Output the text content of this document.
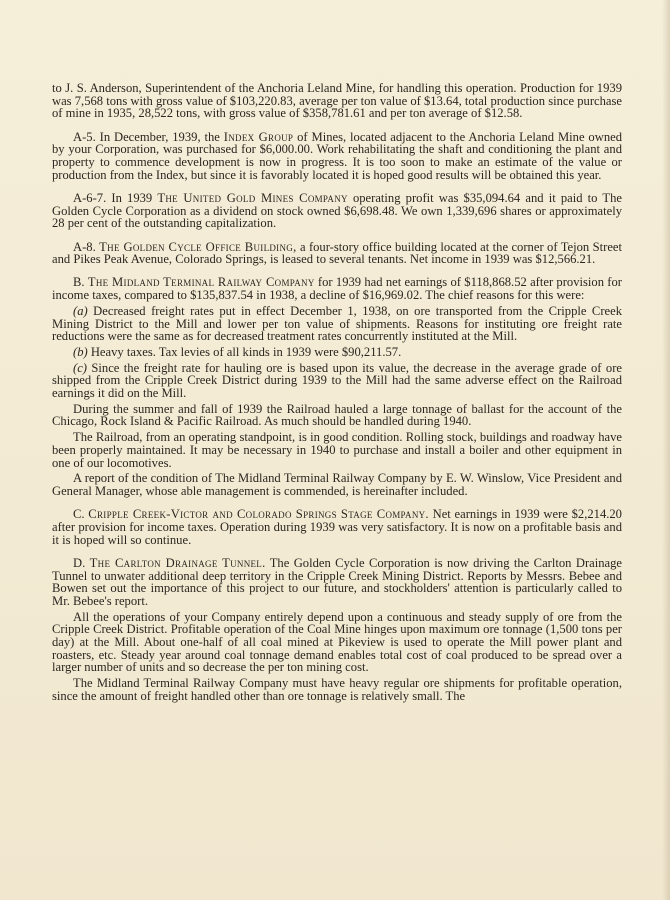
to J. S. Anderson, Superintendent of the Anchoria Leland Mine, for handling this operation. Production for 1939 was 7,568 tons with gross value of $103,220.83, average per ton value of $13.64, total production since purchase of mine in 1935, 28,522 tons, with gross value of $358,781.61 and per ton average of $12.58.

A-5. In December, 1939, the Index Group of Mines, located adjacent to the Anchoria Leland Mine owned by your Corporation, was purchased for $6,000.00. Work rehabilitating the shaft and conditioning the plant and property to commence development is now in progress. It is too soon to make an estimate of the value or production from the Index, but since it is favorably located it is hoped good results will be obtained this year.

A-6-7. In 1939 The United Gold Mines Company operating profit was $35,094.64 and it paid to The Golden Cycle Corporation as a dividend on stock owned $6,698.48. We own 1,339,696 shares or approximately 28 per cent of the outstanding capitalization.

A-8. The Golden Cycle Office Building, a four-story office building located at the corner of Tejon Street and Pikes Peak Avenue, Colorado Springs, is leased to several tenants. Net income in 1939 was $12,566.21.

B. The Midland Terminal Railway Company for 1939 had net earnings of $118,868.52 after provision for income taxes, compared to $135,837.54 in 1938, a decline of $16,969.02. The chief reasons for this were:

(a) Decreased freight rates put in effect December 1, 1938, on ore transported from the Cripple Creek Mining District to the Mill and lower per ton value of shipments. Reasons for instituting ore freight rate reductions were the same as for decreased treatment rates concurrently instituted at the Mill.

(b) Heavy taxes. Tax levies of all kinds in 1939 were $90,211.57.

(c) Since the freight rate for hauling ore is based upon its value, the decrease in the average grade of ore shipped from the Cripple Creek District during 1939 to the Mill had the same adverse effect on the Railroad earnings it did on the Mill.

During the summer and fall of 1939 the Railroad hauled a large tonnage of ballast for the account of the Chicago, Rock Island & Pacific Railroad. As much should be handled during 1940.

The Railroad, from an operating standpoint, is in good condition. Rolling stock, buildings and roadway have been properly maintained. It may be necessary in 1940 to purchase and install a boiler and other equipment in one of our locomotives.

A report of the condition of The Midland Terminal Railway Company by E. W. Winslow, Vice President and General Manager, whose able management is commended, is hereinafter included.

C. Cripple Creek-Victor and Colorado Springs Stage Company. Net earnings in 1939 were $2,214.20 after provision for income taxes. Operation during 1939 was very satisfactory. It is now on a profitable basis and it is hoped will so continue.

D. The Carlton Drainage Tunnel. The Golden Cycle Corporation is now driving the Carlton Drainage Tunnel to unwater additional deep territory in the Cripple Creek Mining District. Reports by Messrs. Bebee and Bowen set out the importance of this project to our future, and stockholders' attention is particularly called to Mr. Bebee's report.

All the operations of your Company entirely depend upon a continuous and steady supply of ore from the Cripple Creek District. Profitable operation of the Coal Mine hinges upon maximum ore tonnage (1,500 tons per day) at the Mill. About one-half of all coal mined at Pikeview is used to operate the Mill power plant and roasters, etc. Steady year around coal tonnage demand enables total cost of coal produced to be spread over a larger number of units and so decrease the per ton mining cost.

The Midland Terminal Railway Company must have heavy regular ore shipments for profitable operation, since the amount of freight handled other than ore tonnage is relatively small. The
